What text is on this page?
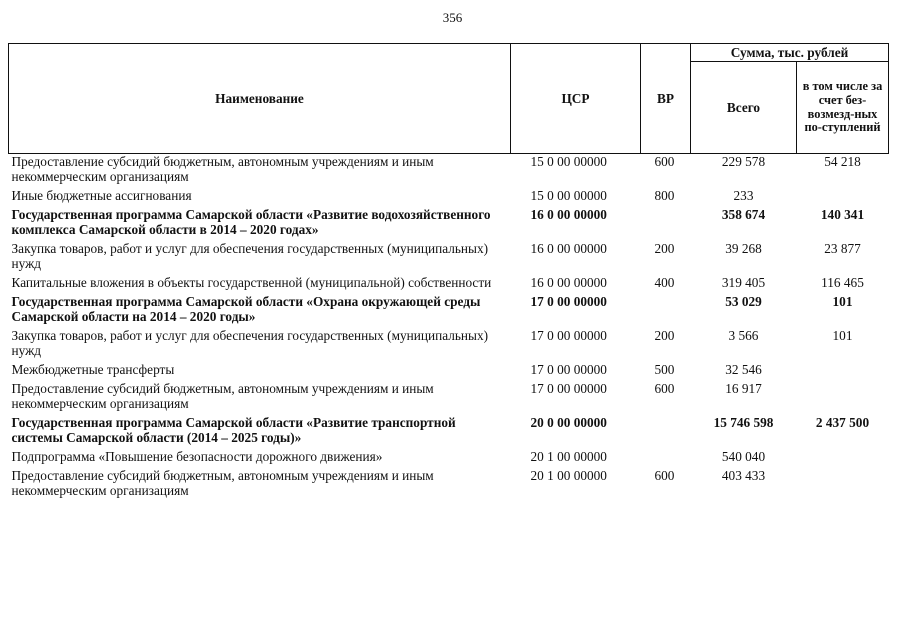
356
Наименование	ЦСР	ВР	Сумма, тыс. рублей	
			Всего	в том числе за счет без-возмезд-ных по-ступлений
Предоставление субсидий бюджетным, автономным учреждениям и иным некоммерческим организациям	15 0 00 00000	600	229 578	54 218
Иные бюджетные ассигнования	15 0 00 00000	800	233	
Государственная программа Самарской области «Развитие водохозяйственного комплекса Самарской области в 2014 – 2020 годах»	16 0 00 00000		358 674	140 341
Закупка товаров, работ и услуг для обеспечения государственных (муниципальных) нужд	16 0 00 00000	200	39 268	23 877
Капитальные вложения в объекты государственной (муниципальной) собственности	16 0 00 00000	400	319 405	116 465
Государственная программа Самарской области «Охрана окружающей среды Самарской области на 2014 – 2020 годы»	17 0 00 00000		53 029	101
Закупка товаров, работ и услуг для обеспечения государственных (муниципальных) нужд	17 0 00 00000	200	3 566	101
Межбюджетные трансферты	17 0 00 00000	500	32 546	
Предоставление субсидий бюджетным, автономным учреждениям и иным некоммерческим организациям	17 0 00 00000	600	16 917	
Государственная программа Самарской области «Развитие транспортной системы Самарской области (2014 – 2025 годы)»	20 0 00 00000		15 746 598	2 437 500
Подпрограмма «Повышение безопасности дорожного движения»	20 1 00 00000		540 040	
Предоставление субсидий бюджетным, автономным учреждениям и иным некоммерческим организациям	20 1 00 00000	600	403 433	
